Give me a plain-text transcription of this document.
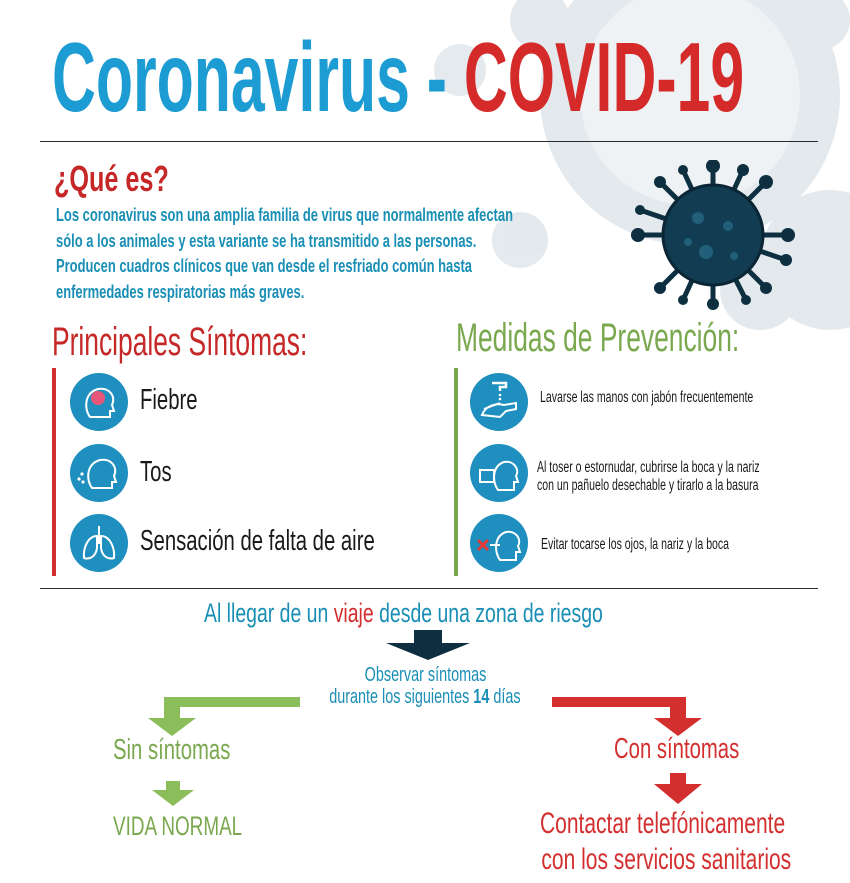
Coronavirus - COVID-19
¿Qué es?
Los coronavirus son una amplia familia de virus que normalmente afectan
sólo a los animales y esta variante se ha transmitido a las personas.
Producen cuadros clínicos que van desde el resfriado común hasta
enfermedades respiratorias más graves.
Principales Síntomas:	Medidas de Prevención:
Fiebre
Tos
Sensación de falta de aire
Lavarse las manos con jabón frecuentemente
Al toser o estornudar, cubrirse la boca y la nariz
con un pañuelo desechable y tirarlo a la basura
Evitar tocarse los ojos, la nariz y la boca
Al llegar de un viaje desde una zona de riesgo
Observar síntomas
durante los siguientes 14 días
Sin síntomas
VIDA NORMAL
Con síntomas
Contactar telefónicamente
con los servicios sanitarios
